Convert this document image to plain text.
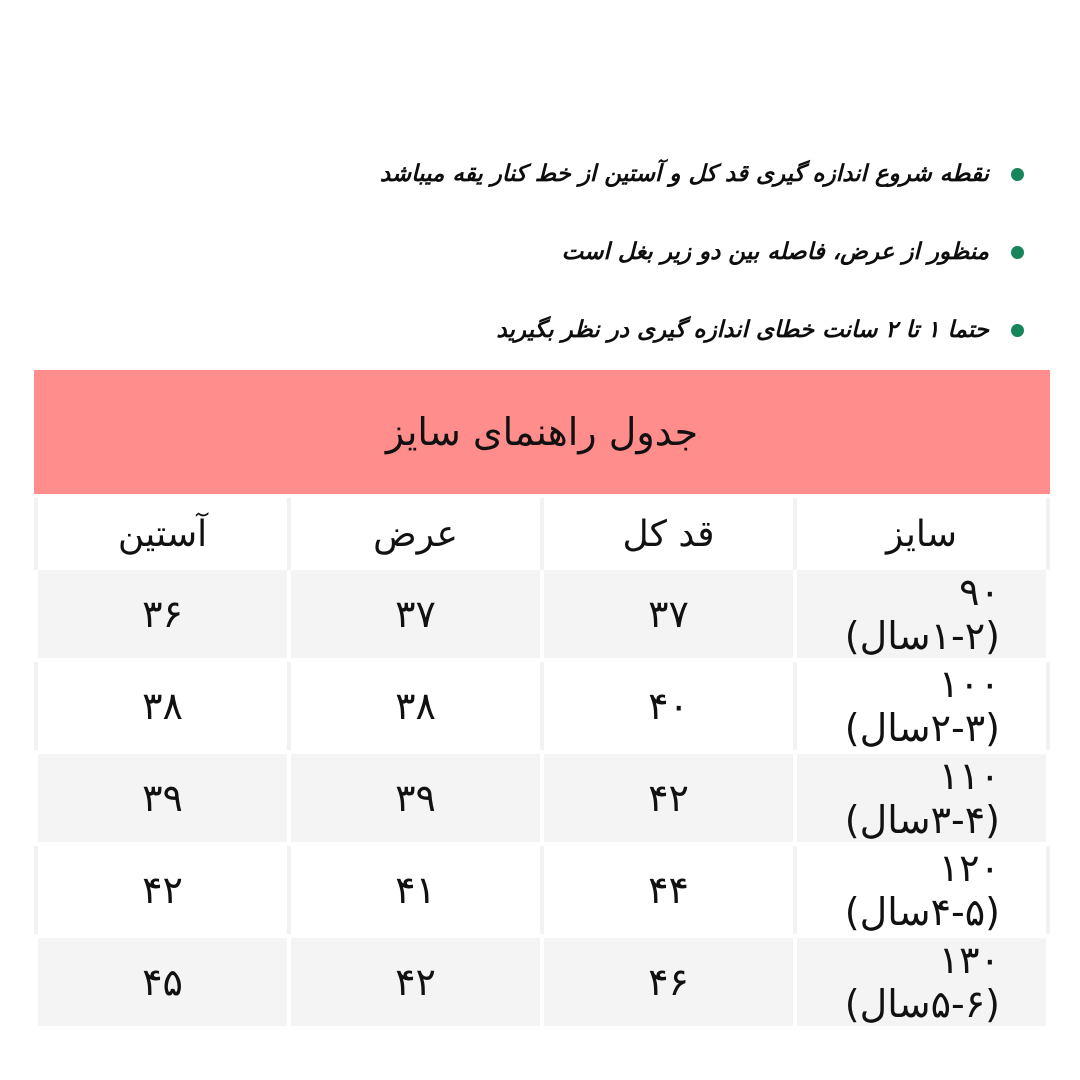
نقطه شروع اندازه گیری قد کل و آستین از خط کنار یقه میباشد
منظور از عرض، فاصله بین دو زیر بغل است
حتما ۱ تا ۲ سانت خطای اندازه گیری در نظر بگیرید
جدول راهنمای سایز
سایز	قد کل	عرض	آستین
۹۰ (۱-۲سال)	۳۷	۳۷	۳۶
۱۰۰ (۲-۳سال)	۴۰	۳۸	۳۸
۱۱۰ (۳-۴سال)	۴۲	۳۹	۳۹
۱۲۰ (۴-۵سال)	۴۴	۴۱	۴۲
۱۳۰ (۵-۶سال)	۴۶	۴۲	۴۵
